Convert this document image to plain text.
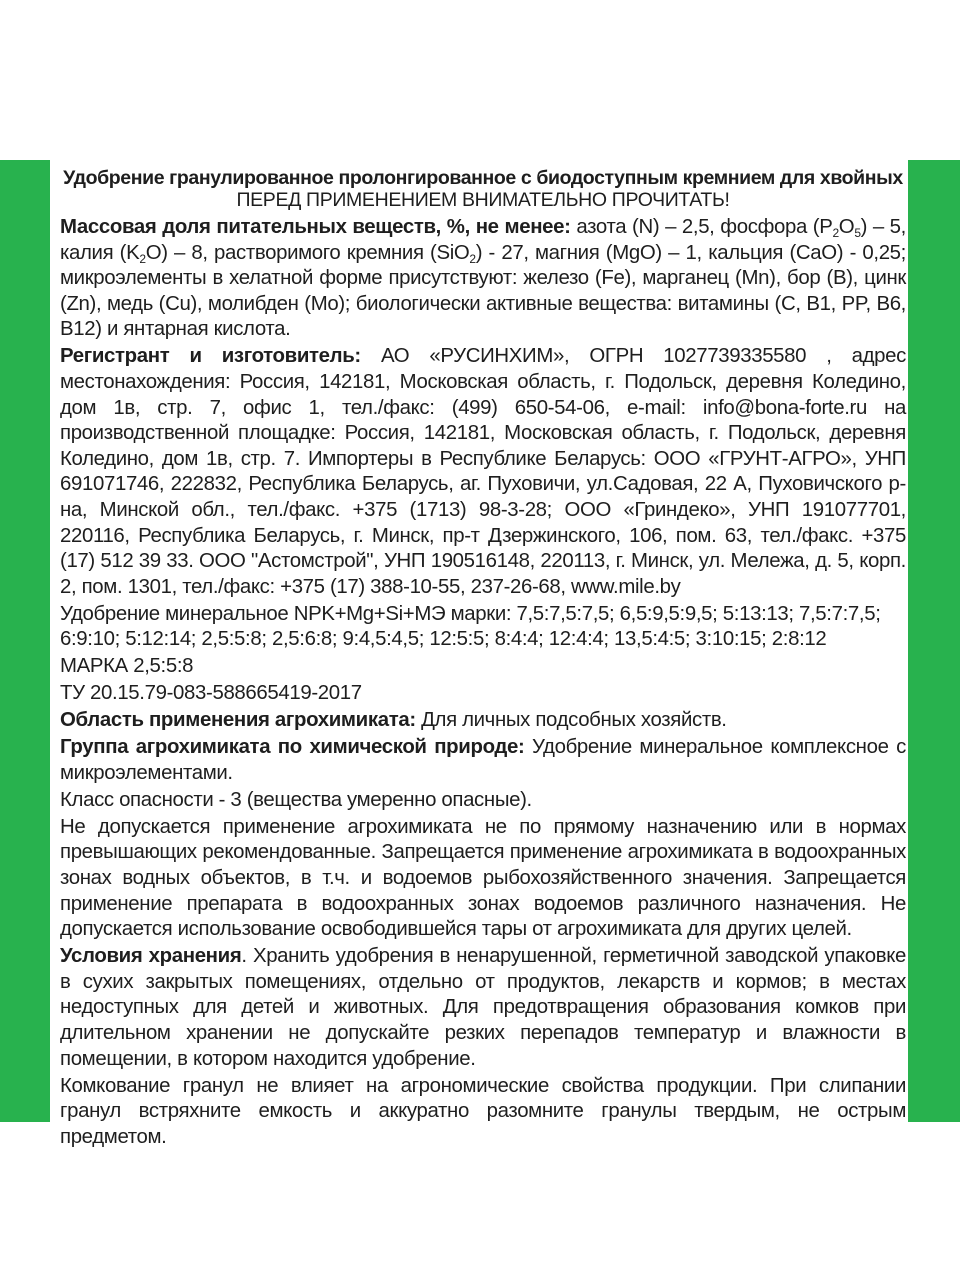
Удобрение гранулированное пролонгированное с биодоступным кремнием для хвойных

ПЕРЕД ПРИМЕНЕНИЕМ ВНИМАТЕЛЬНО ПРОЧИТАТЬ!

Массовая доля питательных веществ, %, не менее: азота (N) – 2,5, фосфора $(P_2O_5) - 5$, калия $(K_2O) - 8$, растворимого кремния (SiO$_2$) - 27, магния (MgO) – 1, кальция (CaO) - 0,25; микроэлементы в хелатной форме присутствуют: железо (Fe), марганец (Mn), бор (B), цинк (Zn), медь (Cu), молибден (Mo); биологически активные вещества: витамины (С, B1, PP, B6, B12) и янтарная кислота.

Регистрант и изготовитель: АО «РУСИНХИМ», ОГРН 1027739335580 , адрес местонахождения: Россия, 142181, Московская область, г. Подольск, деревня Коледино, дом 1в, стр. 7, офис 1, тел./факс: (499) 650-54-06, e-mail: info@bona-forte.ru на производственной площадке: Россия, 142181, Московская область, г. Подольск, деревня Коледино, дом 1в, стр. 7. Импортеры в Республике Беларусь: ООО «ГРУНТ-АГРО», УНП 691071746, 222832, Республика Беларусь, аг. Пуховичи, ул.Садовая, 22 А, Пуховичского р-на, Минской обл., тел./факс. +375 (1713) 98-3-28; ООО «Гриндеко», УНП 191077701, 220116, Республика Беларусь, г. Минск, пр-т Дзержинского, 106, пом. 63, тел./факс. +375 (17) 512 39 33. ООО "Астомстрой", УНП 190516148, 220113, г. Минск, ул. Мележа, д. 5, корп. 2, пом. 1301, тел./факс: +375 (17) 388-10-55, 237-26-68, www.mile.by

Удобрение минеральное NPK+Mg+Si+МЭ марки: 7,5:7,5:7,5; 6,5:9,5:9,5; 5:13:13; 7,5:7:7,5; 6:9:10; 5:12:14; 2,5:5:8; 2,5:6:8; 9:4,5:4,5; 12:5:5; 8:4:4; 12:4:4; 13,5:4:5; 3:10:15; 2:8:12

МАРКА 2,5:5:8

ТУ 20.15.79-083-588665419-2017

Область применения агрохимиката: Для личных подсобных хозяйств.

Группа агрохимиката по химической природе: Удобрение минеральное комплексное с микроэлементами.

Класс опасности - 3 (вещества умеренно опасные).

Не допускается применение агрохимиката не по прямому назначению или в нормах превышающих рекомендованные. Запрещается применение агрохимиката в водоохранных зонах водных объектов, в т.ч. и водоемов рыбохозяйственного значения. Запрещается применение препарата в водоохранных зонах водоемов различного назначения. Не допускается использование освободившейся тары от агрохимиката для других целей.

Условия хранения. Хранить удобрения в ненарушенной, герметичной заводской упаковке в сухих закрытых помещениях, отдельно от продуктов, лекарств и кормов; в местах недоступных для детей и животных. Для предотвращения образования комков при длительном хранении не допускайте резких перепадов температур и влажности в помещении, в котором находится удобрение.

Комкование гранул не влияет на агрономические свойства продукции. При слипании гранул встряхните емкость и аккуратно разомните гранулы твердым, не острым предметом.
